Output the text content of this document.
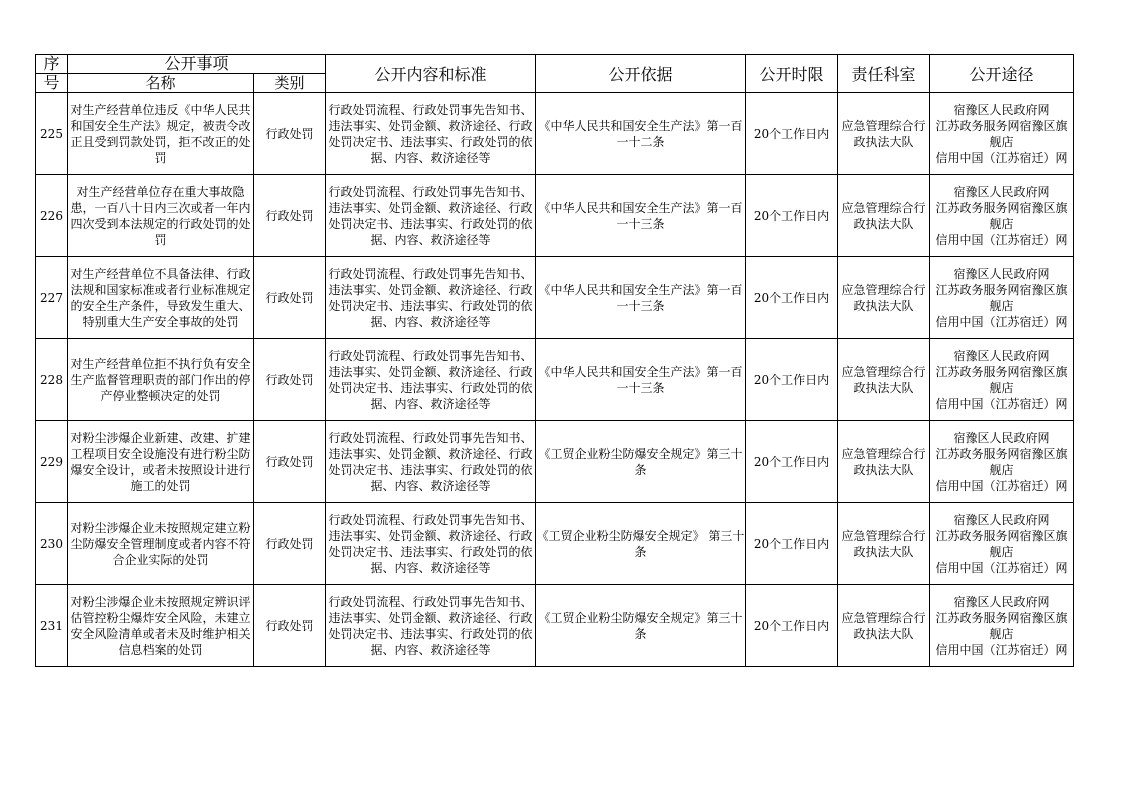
序	公开事项		公开内容和标准	公开依据	公开时限	责任科室	公开途径
号	名称	类别					

225	对生产经营单位违反《中华人民共和国安全生产法》规定，被责令改正且受到罚款处罚，拒不改正的处罚	行政处罚	行政处罚流程、行政处罚事先告知书、违法事实、处罚金额、救济途径、行政处罚决定书、违法事实、行政处罚的依据、内容、救济途径等	《中华人民共和国安全生产法》第一百一十二条	20个工作日内	应急管理综合行政执法大队	宿豫区人民政府网
江苏政务服务网宿豫区旗舰店
信用中国（江苏宿迁）网

226	对生产经营单位存在重大事故隐患，一百八十日内三次或者一年内四次受到本法规定的行政处罚的处罚	行政处罚	行政处罚流程、行政处罚事先告知书、违法事实、处罚金额、救济途径、行政处罚决定书、违法事实、行政处罚的依据、内容、救济途径等	《中华人民共和国安全生产法》第一百一十三条	20个工作日内	应急管理综合行政执法大队	宿豫区人民政府网
江苏政务服务网宿豫区旗舰店
信用中国（江苏宿迁）网

227	对生产经营单位不具备法律、行政法规和国家标准或者行业标准规定的安全生产条件，导致发生重大、特别重大生产安全事故的处罚	行政处罚	行政处罚流程、行政处罚事先告知书、违法事实、处罚金额、救济途径、行政处罚决定书、违法事实、行政处罚的依据、内容、救济途径等	《中华人民共和国安全生产法》第一百一十三条	20个工作日内	应急管理综合行政执法大队	宿豫区人民政府网
江苏政务服务网宿豫区旗舰店
信用中国（江苏宿迁）网

228	对生产经营单位拒不执行负有安全生产监督管理职责的部门作出的停产停业整顿决定的处罚	行政处罚	行政处罚流程、行政处罚事先告知书、违法事实、处罚金额、救济途径、行政处罚决定书、违法事实、行政处罚的依据、内容、救济途径等	《中华人民共和国安全生产法》第一百一十三条	20个工作日内	应急管理综合行政执法大队	宿豫区人民政府网
江苏政务服务网宿豫区旗舰店
信用中国（江苏宿迁）网

229	对粉尘涉爆企业新建、改建、扩建工程项目安全设施没有进行粉尘防爆安全设计，或者未按照设计进行施工的处罚	行政处罚	行政处罚流程、行政处罚事先告知书、违法事实、处罚金额、救济途径、行政处罚决定书、违法事实、行政处罚的依据、内容、救济途径等	《工贸企业粉尘防爆安全规定》第三十条	20个工作日内	应急管理综合行政执法大队	宿豫区人民政府网
江苏政务服务网宿豫区旗舰店
信用中国（江苏宿迁）网

230	对粉尘涉爆企业未按照规定建立粉尘防爆安全管理制度或者内容不符合企业实际的处罚	行政处罚	行政处罚流程、行政处罚事先告知书、违法事实、处罚金额、救济途径、行政处罚决定书、违法事实、行政处罚的依据、内容、救济途径等	《工贸企业粉尘防爆安全规定》 第三十条	20个工作日内	应急管理综合行政执法大队	宿豫区人民政府网
江苏政务服务网宿豫区旗舰店
信用中国（江苏宿迁）网

231	对粉尘涉爆企业未按照规定辨识评估管控粉尘爆炸安全风险，未建立安全风险清单或者未及时维护相关信息档案的处罚	行政处罚	行政处罚流程、行政处罚事先告知书、违法事实、处罚金额、救济途径、行政处罚决定书、违法事实、行政处罚的依据、内容、救济途径等	《工贸企业粉尘防爆安全规定》第三十条	20个工作日内	应急管理综合行政执法大队	宿豫区人民政府网
江苏政务服务网宿豫区旗舰店
信用中国（江苏宿迁）网
